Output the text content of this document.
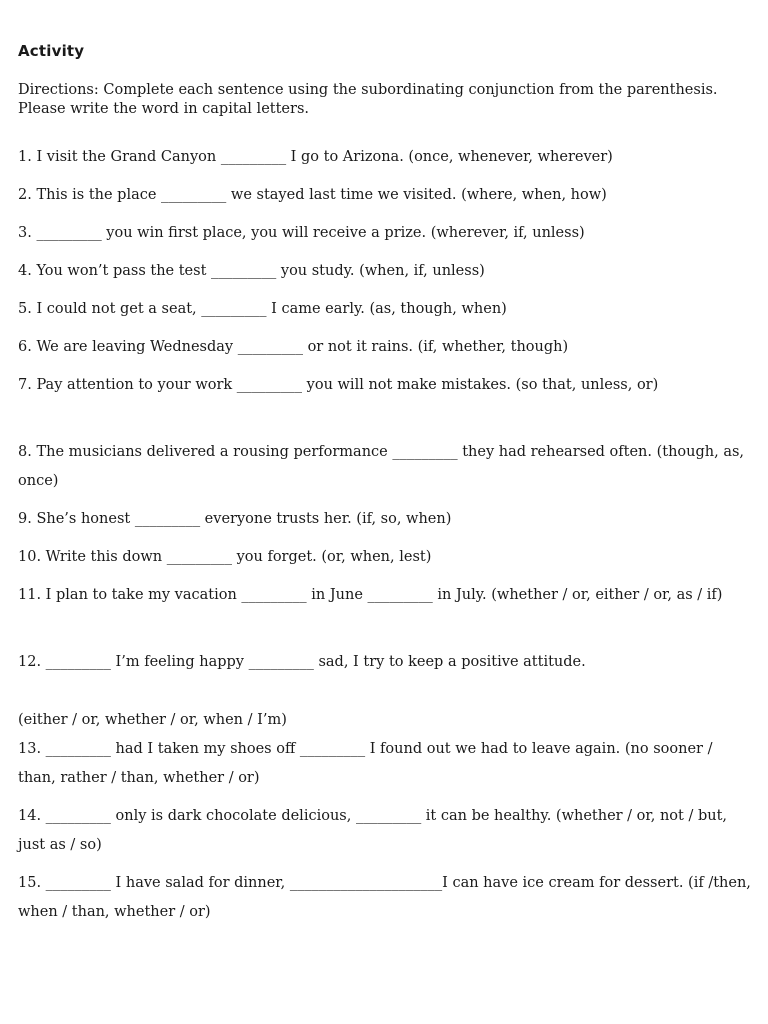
Activity
Directions: Complete each sentence using the subordinating conjunction from the parenthesis. Please write the word in capital letters.
1. I visit the Grand Canyon _________ I go to Arizona. (once, whenever, wherever)
2. This is the place _________ we stayed last time we visited. (where, when, how)
3. _________ you win first place, you will receive a prize. (wherever, if, unless)
4. You won’t pass the test _________ you study. (when, if, unless)
5. I could not get a seat, _________ I came early. (as, though, when)
6. We are leaving Wednesday _________ or not it rains. (if, whether, though)
7. Pay attention to your work _________ you will not make mistakes. (so that, unless, or)
8. The musicians delivered a rousing performance _________ they had rehearsed often. (though, as, once)
9. She’s honest _________ everyone trusts her. (if, so, when)
10. Write this down _________ you forget. (or, when, lest)
11. I plan to take my vacation _________ in June _________ in July. (whether / or, either / or, as / if)
12. _________ I’m feeling happy _________ sad, I try to keep a positive attitude.
(either / or, whether / or, when / I’m)
13. _________ had I taken my shoes off _________ I found out we had to leave again. (no sooner / than, rather / than, whether / or)
14. _________ only is dark chocolate delicious, _________ it can be healthy. (whether / or, not / but, just as / so)
15. _________ I have salad for dinner, _____________________I can have ice cream for dessert. (if /then, when / than, whether / or)
